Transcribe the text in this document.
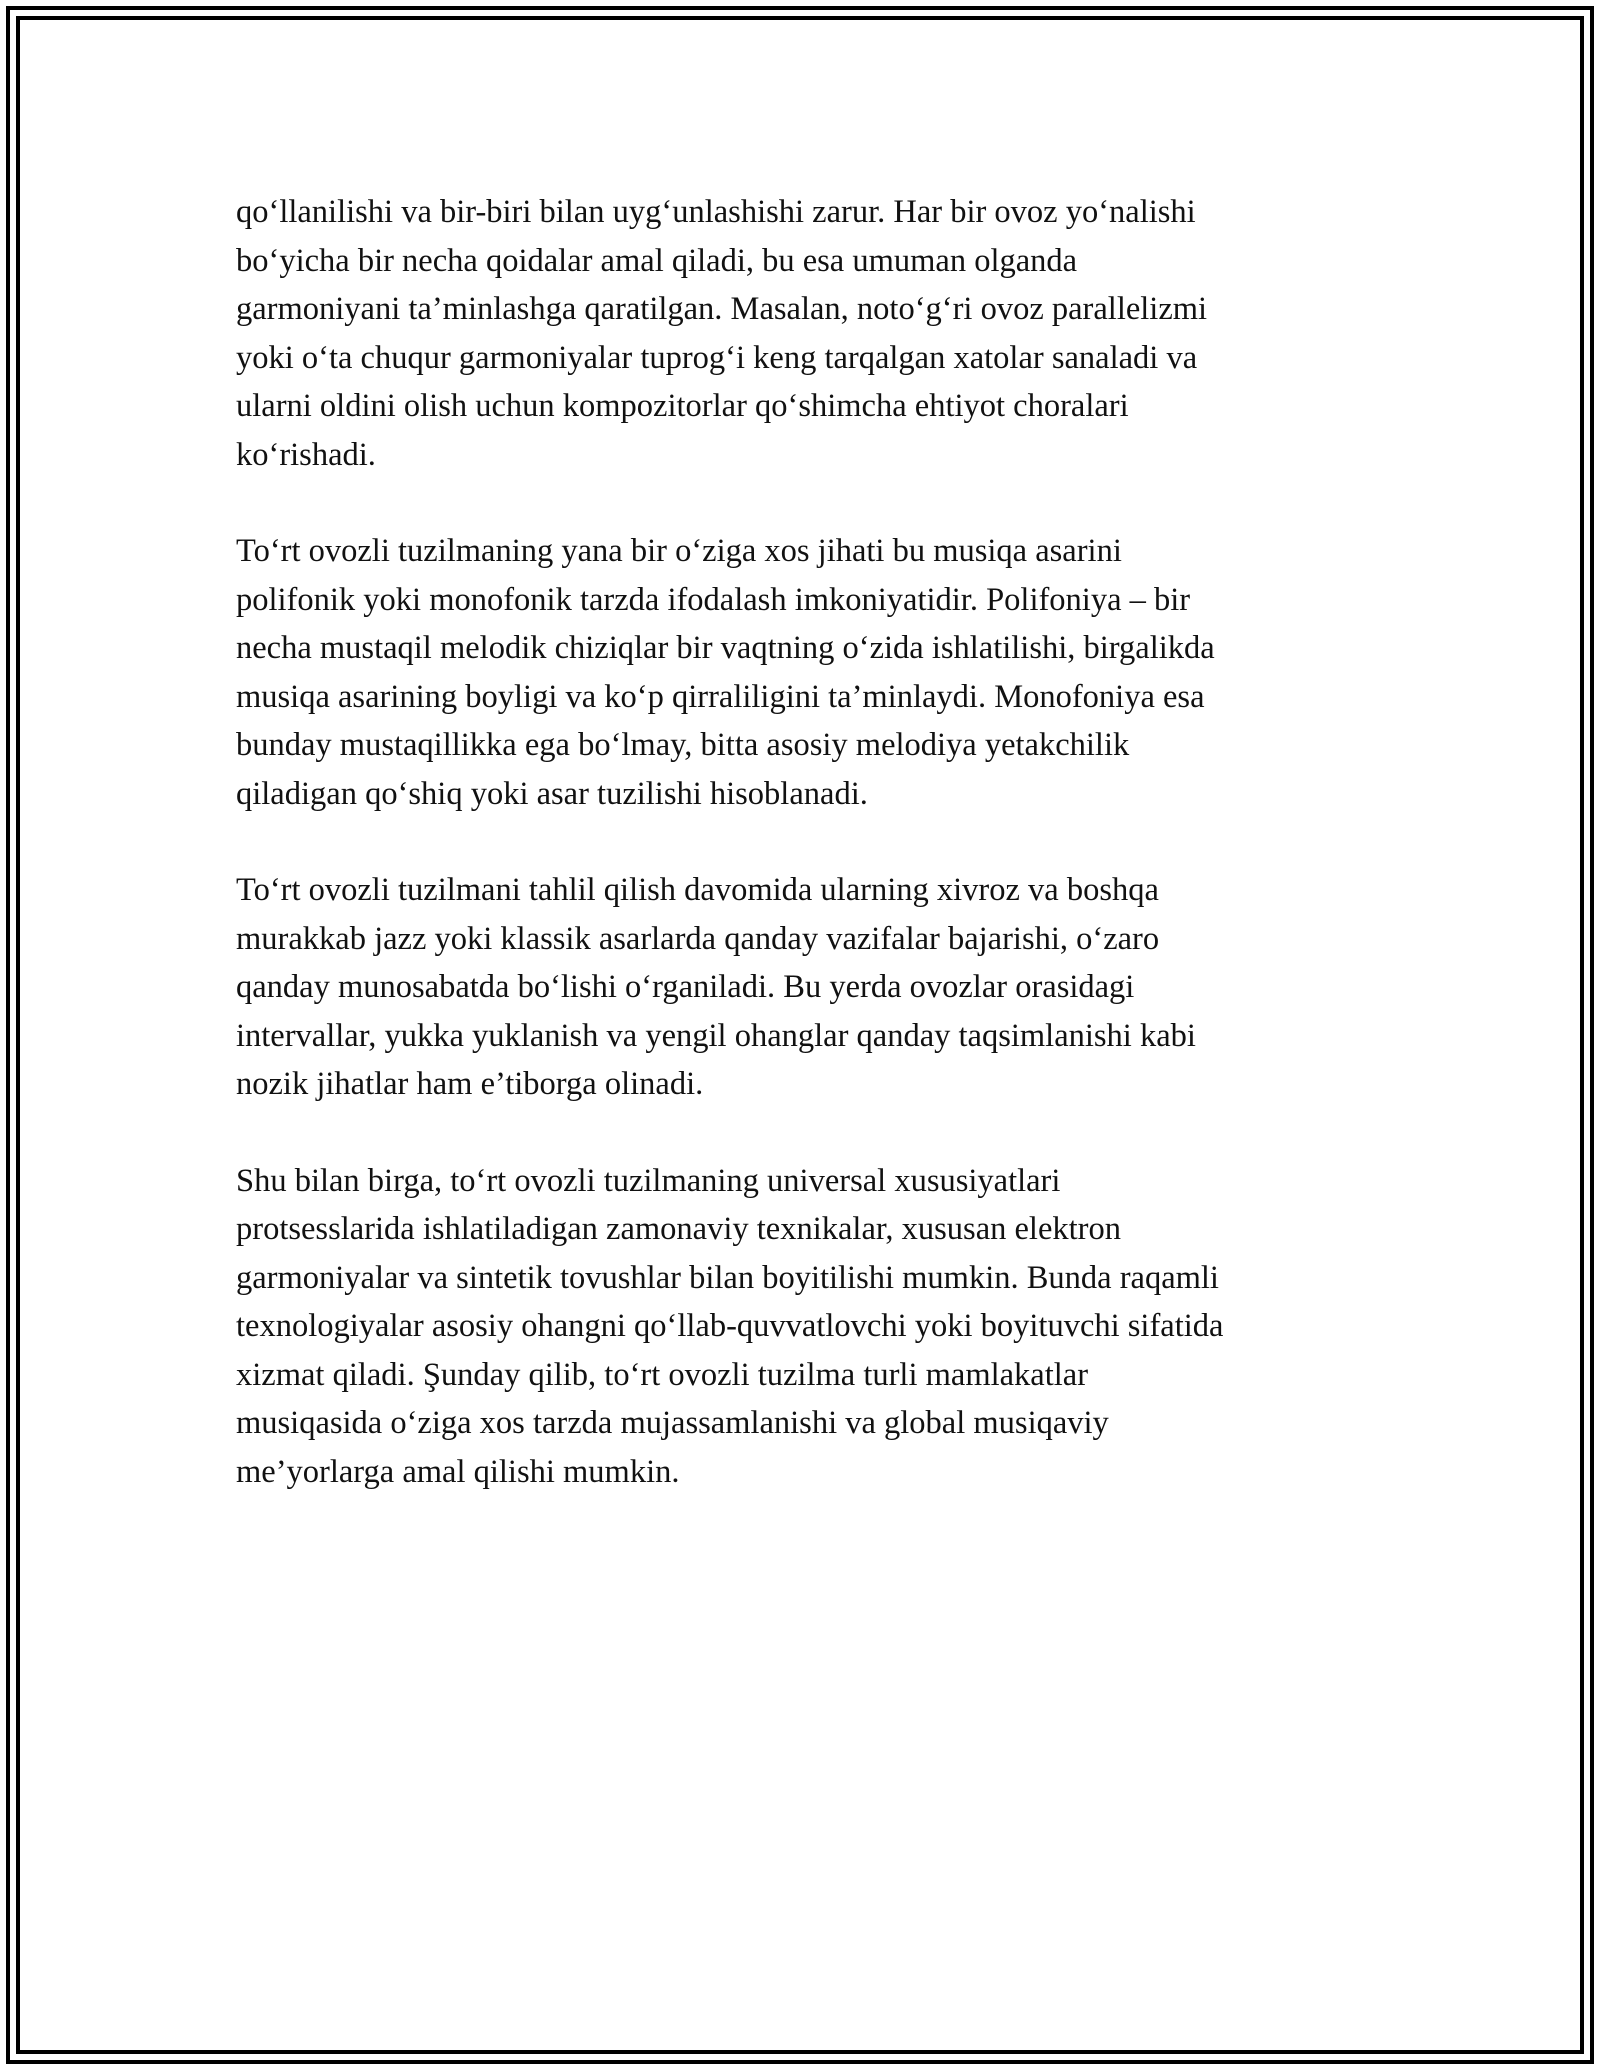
qo‘llanilishi va bir-biri bilan uyg‘unlashishi zarur. Har bir ovoz yo‘nalishi
bo‘yicha bir necha qoidalar amal qiladi, bu esa umuman olganda
garmoniyani ta’minlashga qaratilgan. Masalan, noto‘g‘ri ovoz parallelizmi
yoki o‘ta chuqur garmoniyalar tuprog‘i keng tarqalgan xatolar sanaladi va
ularni oldini olish uchun kompozitorlar qo‘shimcha ehtiyot choralari
ko‘rishadi.

To‘rt ovozli tuzilmaning yana bir o‘ziga xos jihati bu musiqa asarini
polifonik yoki monofonik tarzda ifodalash imkoniyatidir. Polifoniya – bir
necha mustaqil melodik chiziqlar bir vaqtning o‘zida ishlatilishi, birgalikda
musiqa asarining boyligi va ko‘p qirraliligini ta’minlaydi. Monofoniya esa
bunday mustaqillikka ega bo‘lmay, bitta asosiy melodiya yetakchilik
qiladigan qo‘shiq yoki asar tuzilishi hisoblanadi.

To‘rt ovozli tuzilmani tahlil qilish davomida ularning xivroz va boshqa
murakkab jazz yoki klassik asarlarda qanday vazifalar bajarishi, o‘zaro
qanday munosabatda bo‘lishi o‘rganiladi. Bu yerda ovozlar orasidagi
intervallar, yukka yuklanish va yengil ohanglar qanday taqsimlanishi kabi
nozik jihatlar ham e’tiborga olinadi.

Shu bilan birga, to‘rt ovozli tuzilmaning universal xususiyatlari
protsesslarida ishlatiladigan zamonaviy texnikalar, xususan elektron
garmoniyalar va sintetik tovushlar bilan boyitilishi mumkin. Bunda raqamli
texnologiyalar asosiy ohangni qo‘llab-quvvatlovchi yoki boyituvchi sifatida
xizmat qiladi. Şunday qilib, to‘rt ovozli tuzilma turli mamlakatlar
musiqasida o‘ziga xos tarzda mujassamlanishi va global musiqaviy
me’yorlarga amal qilishi mumkin.
